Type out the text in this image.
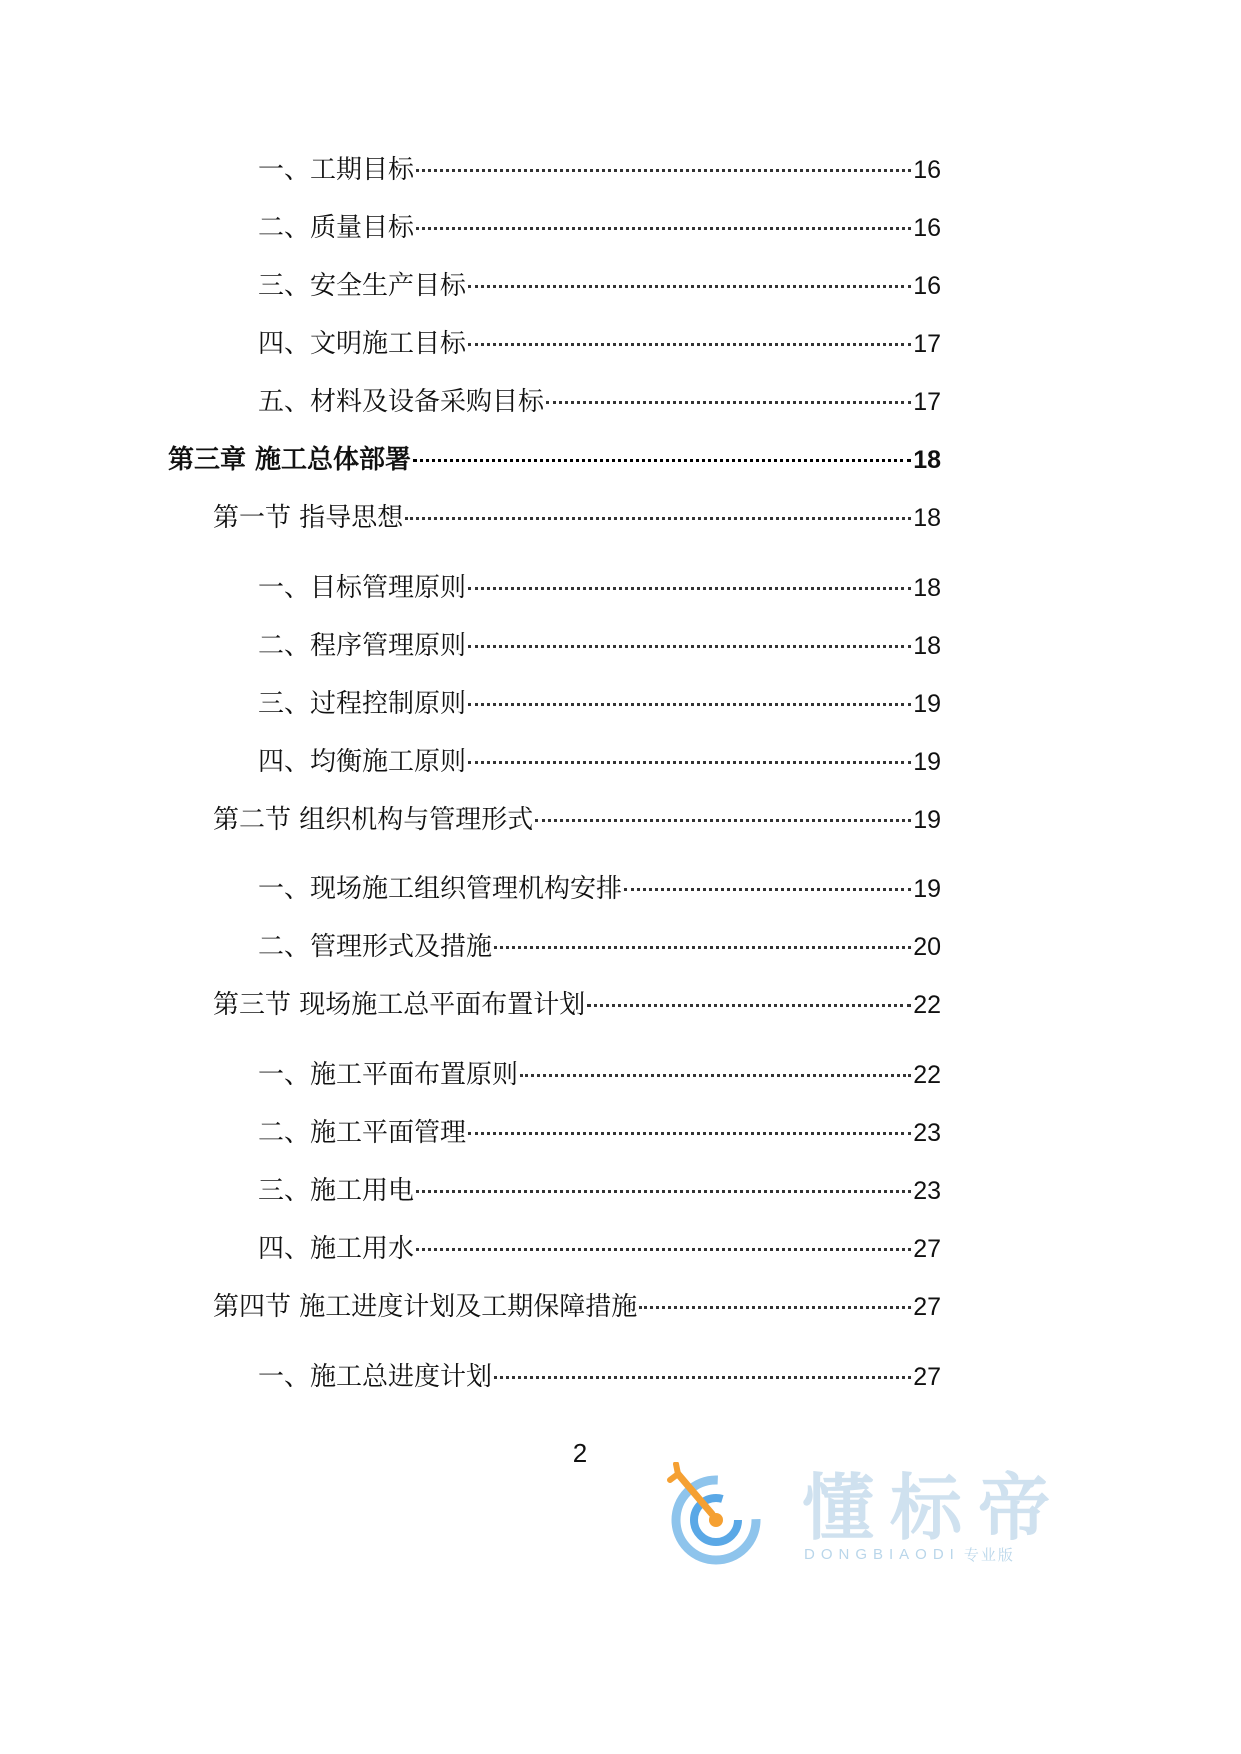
一、工期目标	16
二、质量目标	16
三、安全生产目标	16
四、文明施工目标	17
五、材料及设备采购目标	17
第三章 施工总体部署	18
第一节 指导思想	18
一、目标管理原则	18
二、程序管理原则	18
三、过程控制原则	19
四、均衡施工原则	19
第二节 组织机构与管理形式	19
一、现场施工组织管理机构安排	19
二、管理形式及措施	20
第三节 现场施工总平面布置计划	22
一、施工平面布置原则	22
二、施工平面管理	23
三、施工用电	23
四、施工用水	27
第四节 施工进度计划及工期保障措施	27
一、施工总进度计划	27
2
懂标帝
DONGBIAODI 专业版
